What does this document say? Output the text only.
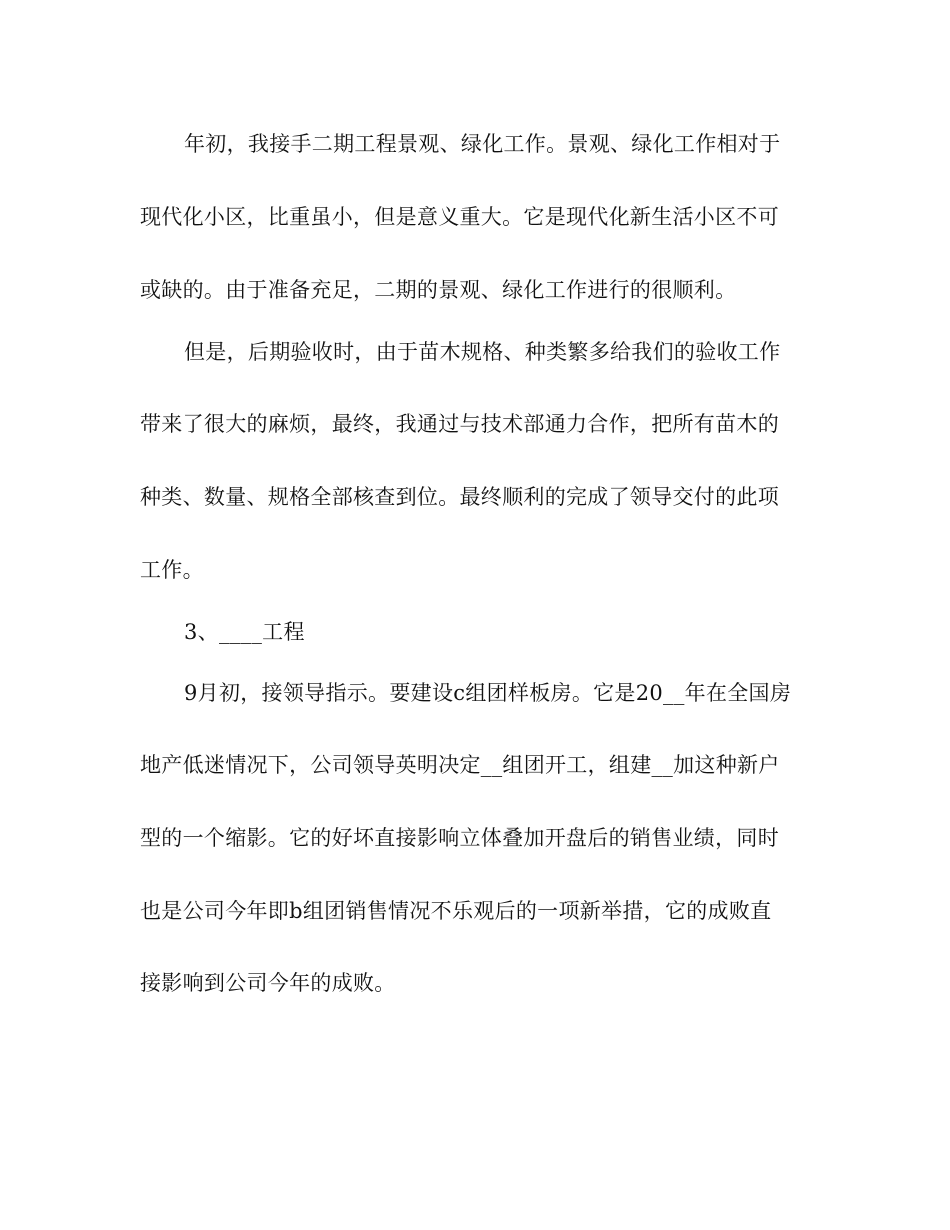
年初，我接手二期工程景观、绿化工作。景观、绿化工作相对于
现代化小区，比重虽小，但是意义重大。它是现代化新生活小区不可
或缺的。由于准备充足，二期的景观、绿化工作进行的很顺利。
但是，后期验收时，由于苗木规格、种类繁多给我们的验收工作
带来了很大的麻烦，最终，我通过与技术部通力合作，把所有苗木的
种类、数量、规格全部核查到位。最终顺利的完成了领导交付的此项
工作。
3、____工程
9月初，接领导指示。要建设c组团样板房。它是20__年在全国房
地产低迷情况下，公司领导英明决定__组团开工，组建__加这种新户
型的一个缩影。它的好坏直接影响立体叠加开盘后的销售业绩，同时
也是公司今年即b组团销售情况不乐观后的一项新举措，它的成败直
接影响到公司今年的成败。
